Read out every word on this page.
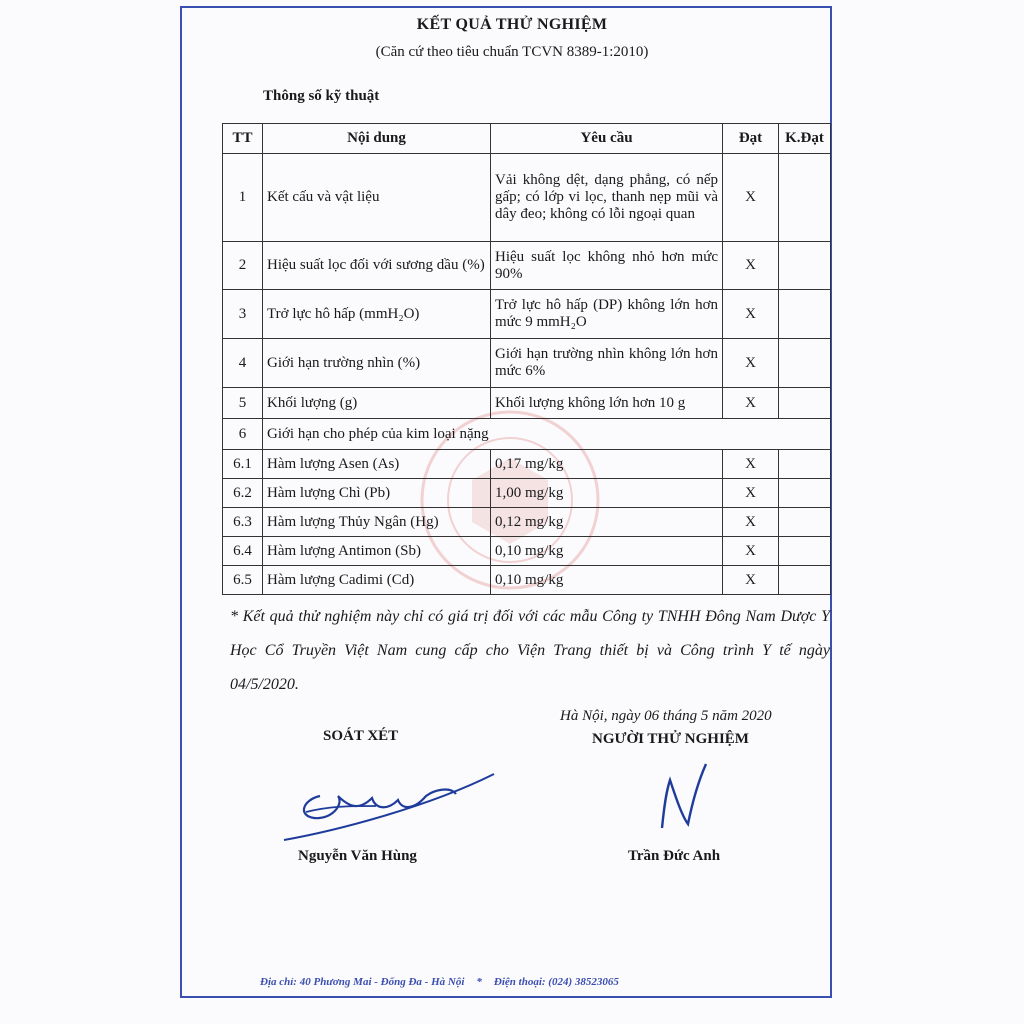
KẾT QUẢ THỬ NGHIỆM
(Căn cứ theo tiêu chuẩn TCVN 8389-1:2010)
Thông số kỹ thuật
TT	Nội dung	Yêu cầu	Đạt	K.Đạt
1	Kết cấu và vật liệu	Vải không dệt, dạng phẳng, có nếp gấp; có lớp vi lọc, thanh nẹp mũi và dây đeo; không có lỗi ngoại quan	X	
2	Hiệu suất lọc đối với sương dầu (%)	Hiệu suất lọc không nhỏ hơn mức 90%	X	
3	Trở lực hô hấp (mmH₂O)	Trở lực hô hấp (DP) không lớn hơn mức 9 mmH₂O	X	
4	Giới hạn trường nhìn (%)	Giới hạn trường nhìn không lớn hơn mức 6%	X	
5	Khối lượng (g)	Khối lượng không lớn hơn 10 g	X	
6	Giới hạn cho phép của kim loại nặng			
6.1	Hàm lượng Asen (As)	0,17 mg/kg	X	
6.2	Hàm lượng Chì (Pb)	1,00 mg/kg	X	
6.3	Hàm lượng Thủy Ngân (Hg)	0,12 mg/kg	X	
6.4	Hàm lượng Antimon (Sb)	0,10 mg/kg	X	
6.5	Hàm lượng Cadimi (Cd)	0,10 mg/kg	X	
* Kết quả thử nghiệm này chỉ có giá trị đối với các mẫu Công ty TNHH Đông Nam Dược Y Học Cổ Truyền Việt Nam cung cấp cho Viện Trang thiết bị và Công trình Y tế ngày 04/5/2020.
Hà Nội, ngày 06 tháng 5 năm 2020
SOÁT XÉT	NGƯỜI THỬ NGHIỆM
Nguyễn Văn Hùng	Trần Đức Anh
Địa chỉ: 40 Phương Mai - Đống Đa - Hà Nội * Điện thoại: (024) 38523065
